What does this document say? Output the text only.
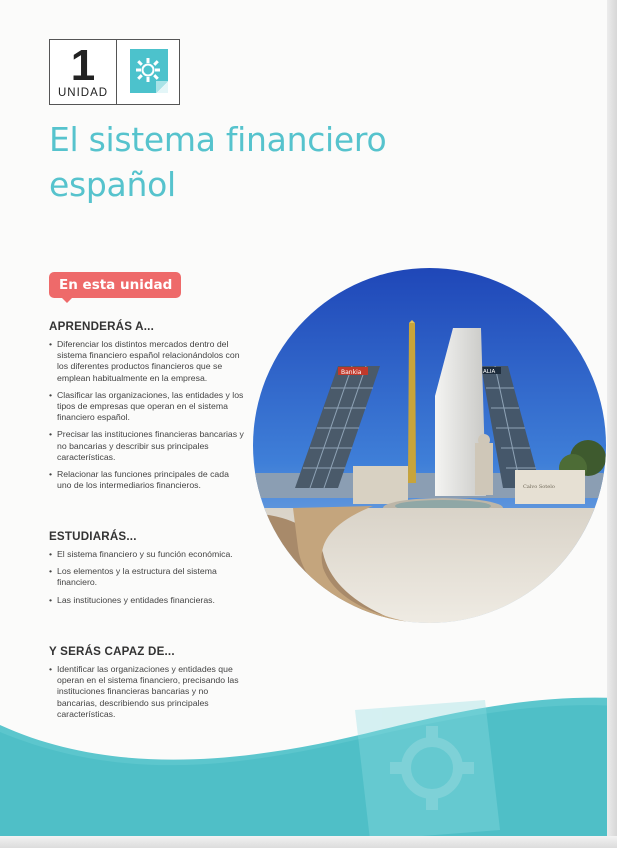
1
UNIDAD
El sistema financiero
español
En esta unidad
APRENDERÁS A...
• Diferenciar los distintos mercados dentro del sistema financiero español relacionándolos con los diferentes productos financieros que se emplean habitualmente en la empresa.
• Clasificar las organizaciones, las entidades y los tipos de empresas que operan en el sistema financiero español.
• Precisar las instituciones financieras bancarias y no bancarias y describir sus principales características.
• Relacionar las funciones principales de cada uno de los intermediarios financieros.
ESTUDIARÁS...
• El sistema financiero y su función económica.
• Los elementos y la estructura del sistema financiero.
• Las instituciones y entidades financieras.
Y SERÁS CAPAZ DE...
• Identificar las organizaciones y entidades que operan en el sistema financiero, precisando las instituciones financieras bancarias y no bancarias, describiendo sus principales características.
Bankia	ALIA
Calvo Sotelo
